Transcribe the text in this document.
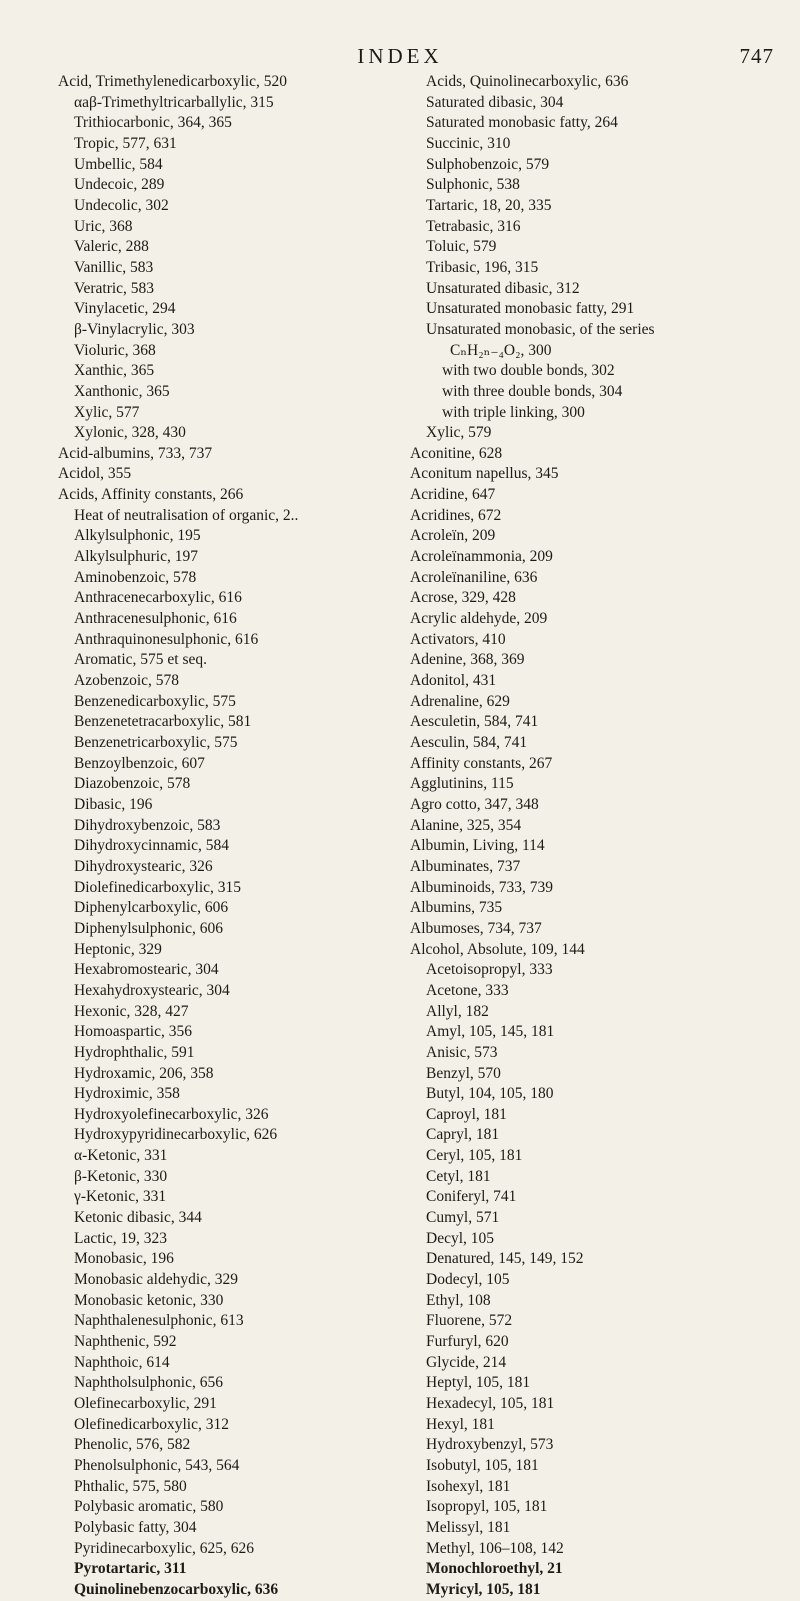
INDEX	747
Acid, Trimethylenedicarboxylic, 520
αaβ-Trimethyltricarballylic, 315
Trithiocarbonic, 364, 365
Tropic, 577, 631
Umbellic, 584
Undecoic, 289
Undecolic, 302
Uric, 368
Valeric, 288
Vanillic, 583
Veratric, 583
Vinylacetic, 294
β-Vinylacrylic, 303
Violuric, 368
Xanthic, 365
Xanthonic, 365
Xylic, 577
Xylonic, 328, 430
Acid-albumins, 733, 737
Acidol, 355
Acids, Affinity constants, 266
Heat of neutralisation of organic, 2..
Alkylsulphonic, 195
Alkylsulphuric, 197
Aminobenzoic, 578
Anthracenecarboxylic, 616
Anthracenesulphonic, 616
Anthraquinonesulphonic, 616
Aromatic, 575 et seq.
Azobenzoic, 578
Benzenedicarboxylic, 575
Benzenetetracarboxylic, 581
Benzenetricarboxylic, 575
Benzoylbenzoic, 607
Diazobenzoic, 578
Dibasic, 196
Dihydroxybenzoic, 583
Dihydroxycinnamic, 584
Dihydroxystearic, 326
Diolefinedicarboxylic, 315
Diphenylcarboxylic, 606
Diphenylsulphonic, 606
Heptonic, 329
Hexabromostearic, 304
Hexahydroxystearic, 304
Hexonic, 328, 427
Homoaspartic, 356
Hydrophthalic, 591
Hydroxamic, 206, 358
Hydroximic, 358
Hydroxyolefinecarboxylic, 326
Hydroxypyridinecarboxylic, 626
α-Ketonic, 331
β-Ketonic, 330
γ-Ketonic, 331
Ketonic dibasic, 344
Lactic, 19, 323
Monobasic, 196
Monobasic aldehydic, 329
Monobasic ketonic, 330
Naphthalenesulphonic, 613
Naphthenic, 592
Naphthoic, 614
Naphtholsulphonic, 656
Olefinecarboxylic, 291
Olefinedicarboxylic, 312
Phenolic, 576, 582
Phenolsulphonic, 543, 564
Phthalic, 575, 580
Polybasic aromatic, 580
Polybasic fatty, 304
Pyridinecarboxylic, 625, 626
Pyrotartaric, 311
Quinolinebenzocarboxylic, 636
Acids, Quinolinecarboxylic, 636
Saturated dibasic, 304
Saturated monobasic fatty, 264
Succinic, 310
Sulphobenzoic, 579
Sulphonic, 538
Tartaric, 18, 20, 335
Tetrabasic, 316
Toluic, 579
Tribasic, 196, 315
Unsaturated dibasic, 312
Unsaturated monobasic fatty, 291
Unsaturated monobasic, of the series
CₙH₂ₙ₋₄O₂, 300
with two double bonds, 302
with three double bonds, 304
with triple linking, 300
Xylic, 579
Aconitine, 628
Aconitum napellus, 345
Acridine, 647
Acridines, 672
Acroleïn, 209
Acroleïnammonia, 209
Acroleïnaniline, 636
Acrose, 329, 428
Acrylic aldehyde, 209
Activators, 410
Adenine, 368, 369
Adonitol, 431
Adrenaline, 629
Aesculetin, 584, 741
Aesculin, 584, 741
Affinity constants, 267
Agglutinins, 115
Agro cotto, 347, 348
Alanine, 325, 354
Albumin, Living, 114
Albuminates, 737
Albuminoids, 733, 739
Albumins, 735
Albumoses, 734, 737
Alcohol, Absolute, 109, 144
Acetoisopropyl, 333
Acetone, 333
Allyl, 182
Amyl, 105, 145, 181
Anisic, 573
Benzyl, 570
Butyl, 104, 105, 180
Caproyl, 181
Capryl, 181
Ceryl, 105, 181
Cetyl, 181
Coniferyl, 741
Cumyl, 571
Decyl, 105
Denatured, 145, 149, 152
Dodecyl, 105
Ethyl, 108
Fluorene, 572
Furfuryl, 620
Glycide, 214
Heptyl, 105, 181
Hexadecyl, 105, 181
Hexyl, 181
Hydroxybenzyl, 573
Isobutyl, 105, 181
Isohexyl, 181
Isopropyl, 105, 181
Melissyl, 181
Methyl, 106–108, 142
Monochloroethyl, 21
Myricyl, 105, 181
